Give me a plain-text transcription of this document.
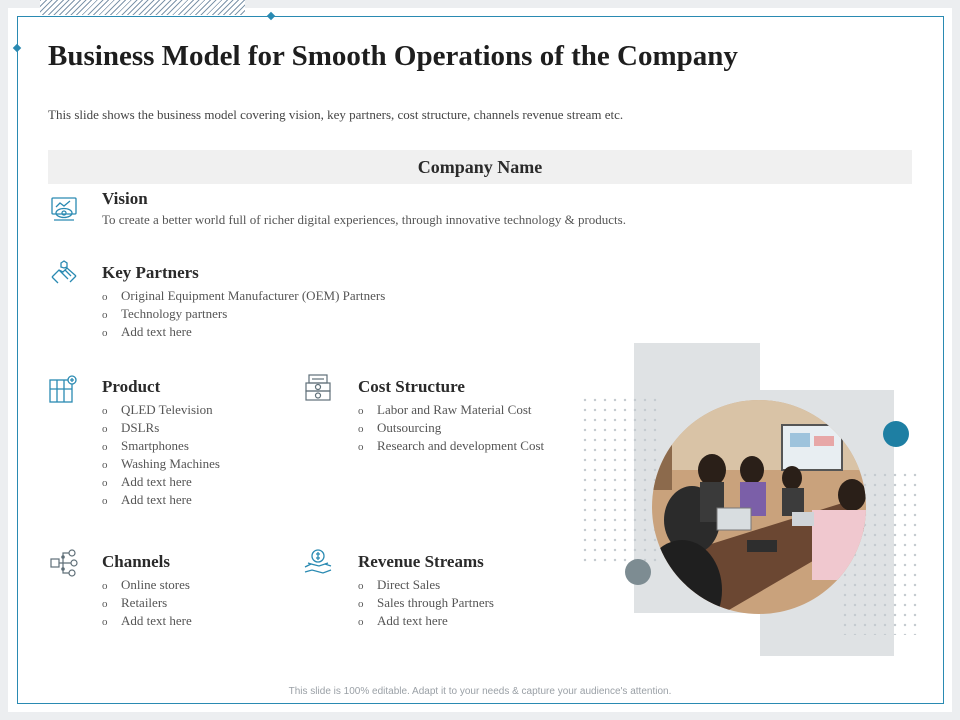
Business Model for Smooth Operations of the Company

This slide shows the business model covering vision, key partners, cost structure, channels revenue stream etc.

Company Name
Vision

To create a better world full of richer digital experiences, through innovative technology & products.

Key Partners
o Original Equipment Manufacturer (OEM) Partners
o Technology partners
o Add text here
Product
o QLED Television
o DSLRs
o Smartphones
o Washing Machines
o Add text here
o Add text here
Cost Structure
o Labor and Raw Material Cost
o Outsourcing
o Research and development Cost
Channels
o Online stores
o Retailers
o Add text here
Revenue Streams
o Direct Sales
o Sales through Partners
o Add text here
This slide is 100% editable. Adapt it to your needs & capture your audience's attention.
